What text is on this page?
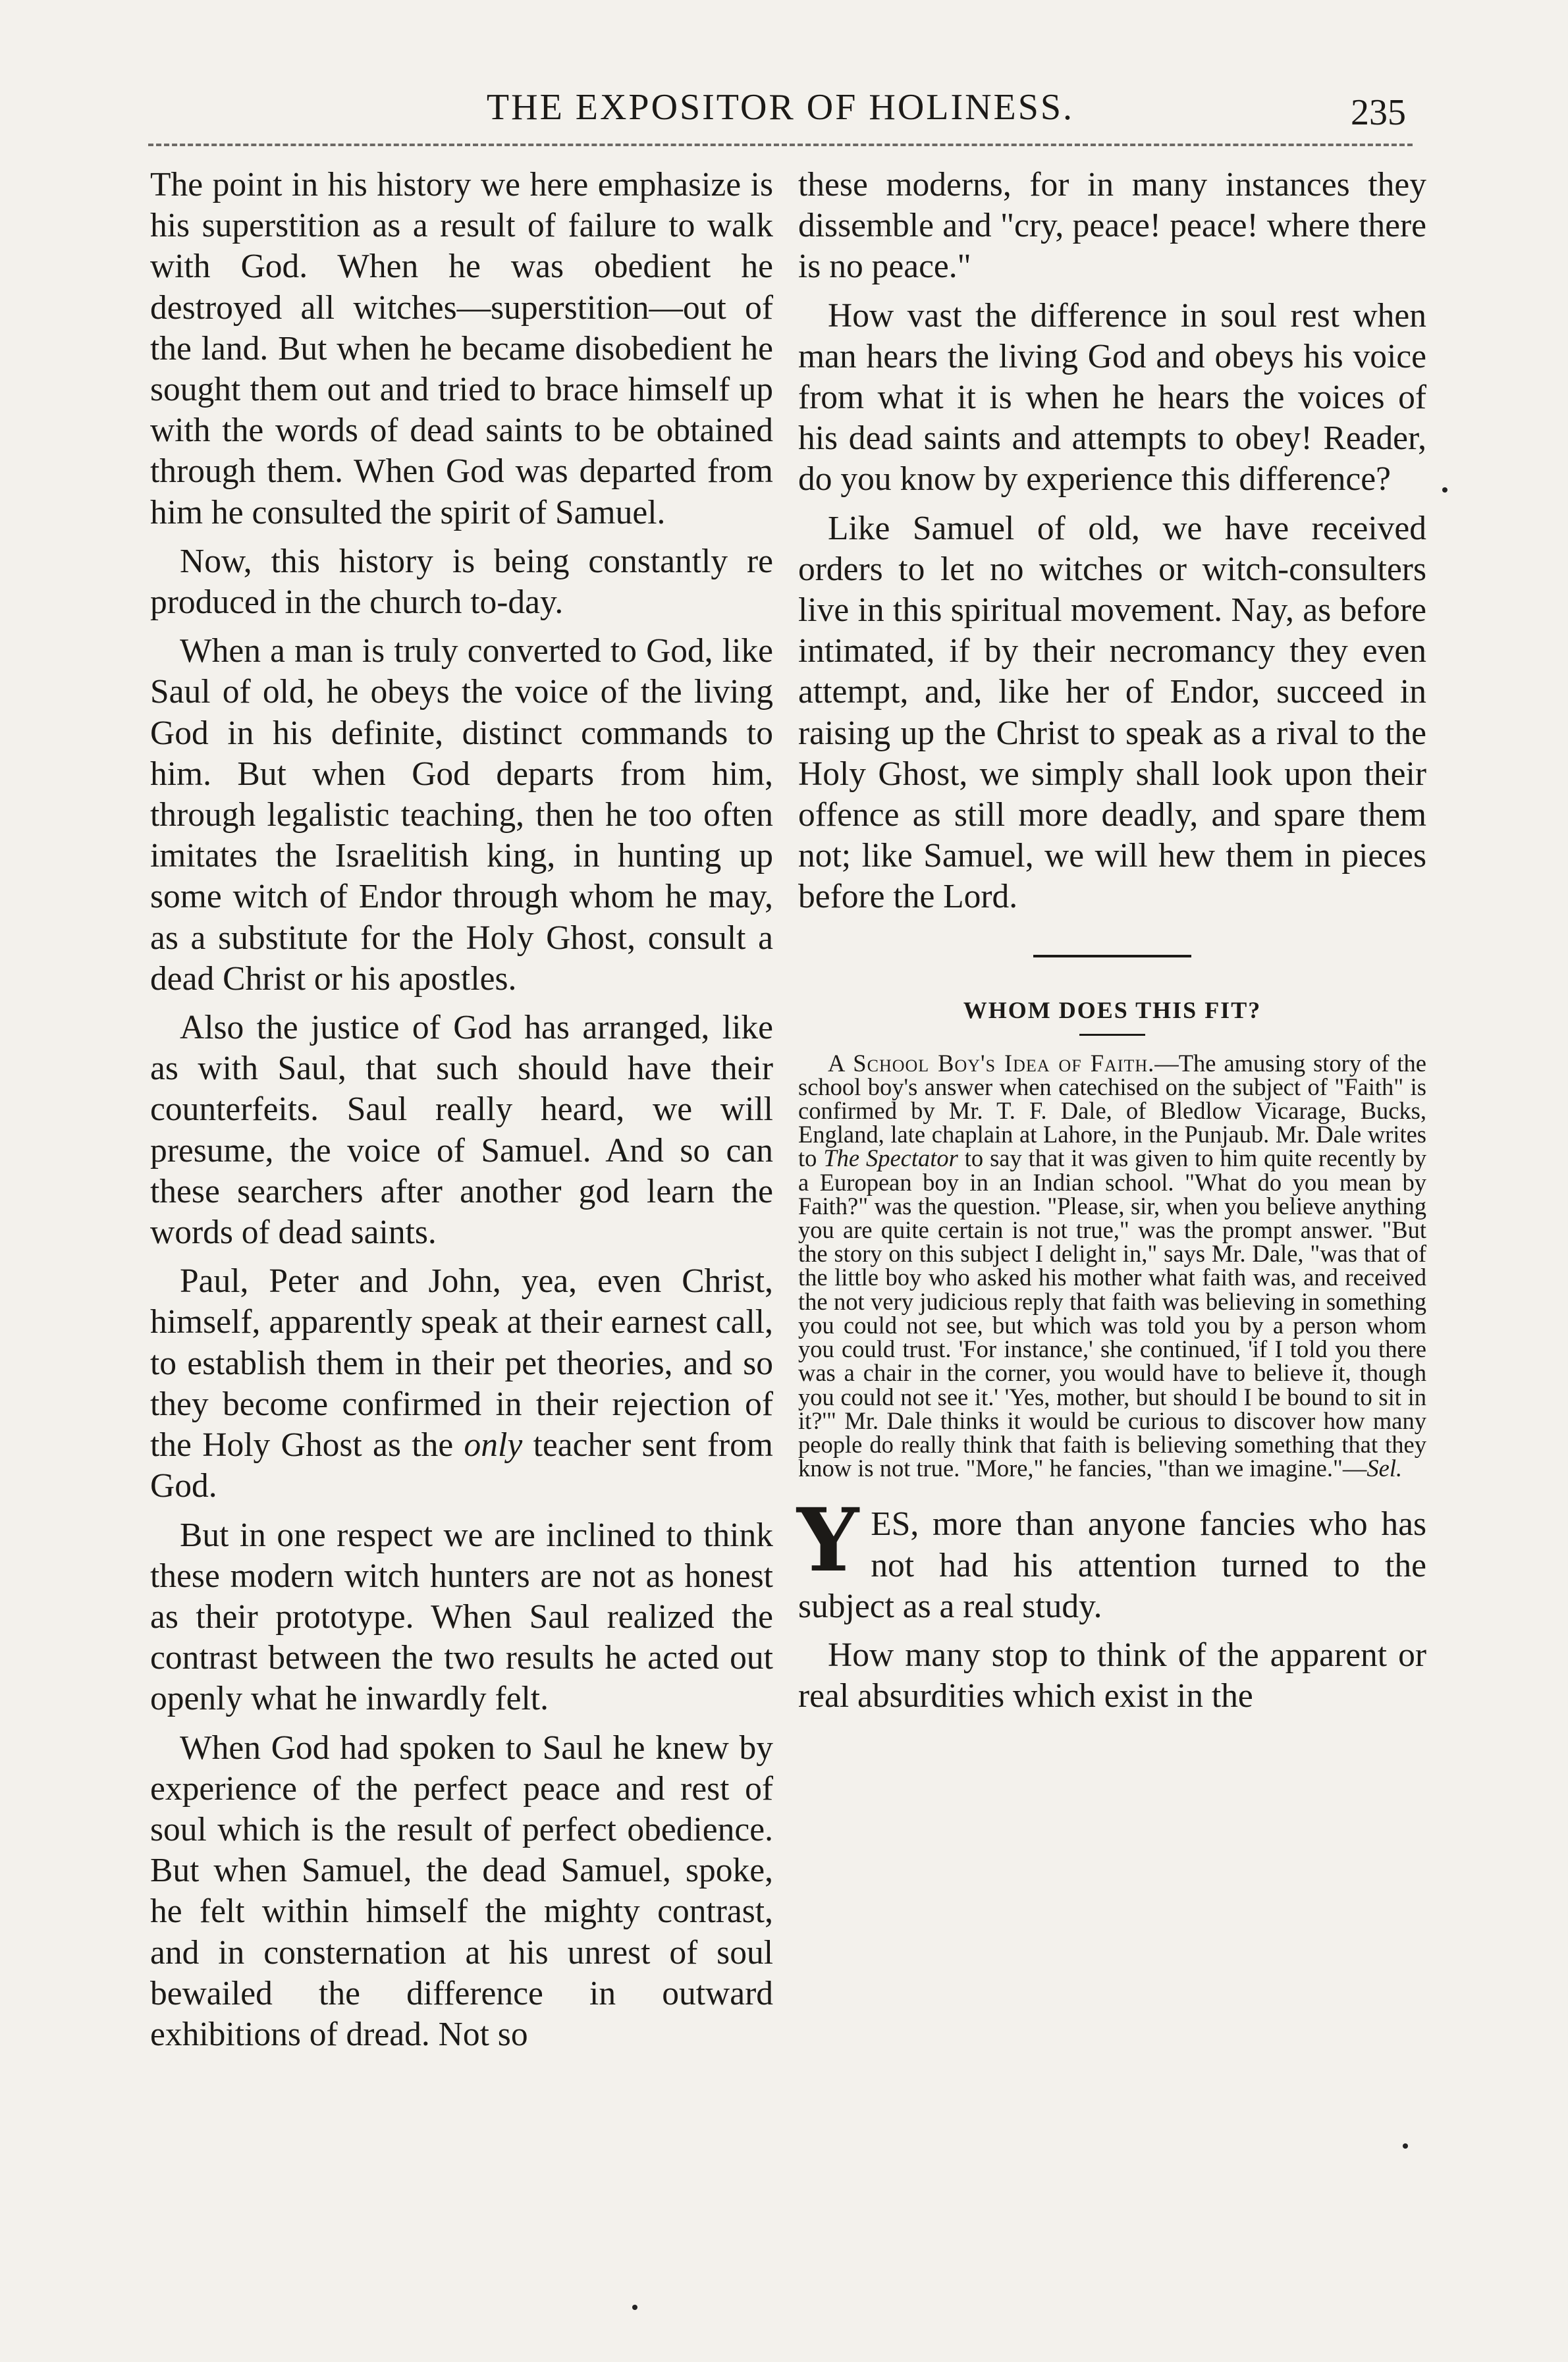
THE EXPOSITOR OF HOLINESS.	235

The point in his history we here emphasize is his superstition as a result of failure to walk with God. When he was obedient he destroyed all witches—superstition—out of the land. But when he became disobedient he sought them out and tried to brace himself up with the words of dead saints to be obtained through them. When God was departed from him he consulted the spirit of Samuel.

Now, this history is being constantly re produced in the church to-day.

When a man is truly converted to God, like Saul of old, he obeys the voice of the living God in his definite, distinct commands to him. But when God departs from him, through legalistic teaching, then he too often imitates the Israelitish king, in hunting up some witch of Endor through whom he may, as a substitute for the Holy Ghost, consult a dead Christ or his apostles.

Also the justice of God has arranged, like as with Saul, that such should have their counterfeits. Saul really heard, we will presume, the voice of Samuel. And so can these searchers after another god learn the words of dead saints.

Paul, Peter and John, yea, even Christ, himself, apparently speak at their earnest call, to establish them in their pet theories, and so they become confirmed in their rejection of the Holy Ghost as the only teacher sent from God.

But in one respect we are inclined to think these modern witch hunters are not as honest as their prototype. When Saul realized the contrast between the two results he acted out openly what he inwardly felt.

When God had spoken to Saul he knew by experience of the perfect peace and rest of soul which is the result of perfect obedience. But when Samuel, the dead Samuel, spoke, he felt within himself the mighty contrast, and in consternation at his unrest of soul bewailed the difference in outward exhibitions of dread. Not so

these moderns, for in many instances they dissemble and "cry, peace! peace! where there is no peace."

How vast the difference in soul rest when man hears the living God and obeys his voice from what it is when he hears the voices of his dead saints and attempts to obey! Reader, do you know by experience this difference?

Like Samuel of old, we have received orders to let no witches or witch-consulters live in this spiritual movement. Nay, as before intimated, if by their necromancy they even attempt, and, like her of Endor, succeed in raising up the Christ to speak as a rival to the Holy Ghost, we simply shall look upon their offence as still more deadly, and spare them not; like Samuel, we will hew them in pieces before the Lord.

WHOM DOES THIS FIT?

A School Boy's Idea of Faith.—The amusing story of the school boy's answer when catechised on the subject of "Faith" is confirmed by Mr. T. F. Dale, of Bledlow Vicarage, Bucks, England, late chaplain at Lahore, in the Punjaub. Mr. Dale writes to The Spectator to say that it was given to him quite recently by a European boy in an Indian school. "What do you mean by Faith?" was the question. "Please, sir, when you believe anything you are quite certain is not true," was the prompt answer. "But the story on this subject I delight in," says Mr. Dale, "was that of the little boy who asked his mother what faith was, and received the not very judicious reply that faith was believing in something you could not see, but which was told you by a person whom you could trust. 'For instance,' she continued, 'if I told you there was a chair in the corner, you would have to believe it, though you could not see it.' 'Yes, mother, but should I be bound to sit in it?'" Mr. Dale thinks it would be curious to discover how many people do really think that faith is believing something that they know is not true. "More," he fancies, "than we imagine."—Sel.

YES, more than anyone fancies who has not had his attention turned to the subject as a real study.

How many stop to think of the apparent or real absurdities which exist in the
